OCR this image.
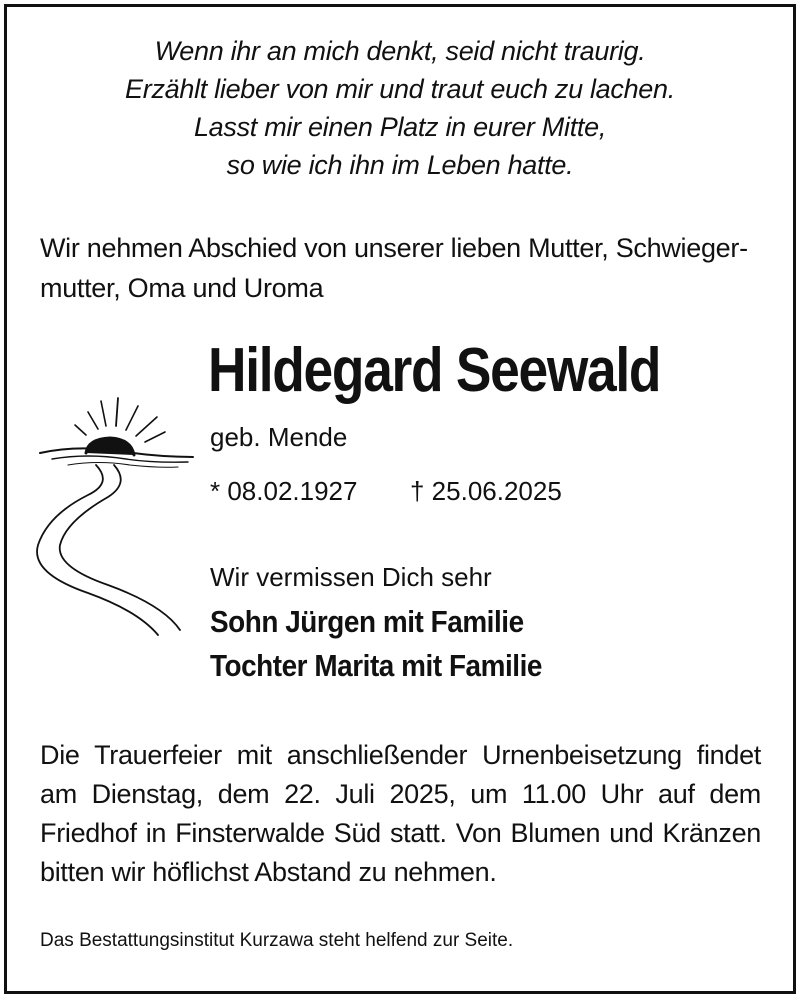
Wenn ihr an mich denkt, seid nicht traurig.
Erzählt lieber von mir und traut euch zu lachen.
Lasst mir einen Platz in eurer Mitte,
so wie ich ihn im Leben hatte.
Wir nehmen Abschied von unserer lieben Mutter, Schwieger-
mutter, Oma und Uroma
Hildegard Seewald
geb. Mende
* 08.02.1927 † 25.06.2025
Wir vermissen Dich sehr
Sohn Jürgen mit Familie
Tochter Marita mit Familie
Die Trauerfeier mit anschließender Urnenbeisetzung findet
am Dienstag, dem 22. Juli 2025, um 11.00 Uhr auf dem
Friedhof in Finsterwalde Süd statt. Von Blumen und Kränzen
bitten wir höflichst Abstand zu nehmen.
Das Bestattungsinstitut Kurzawa steht helfend zur Seite.
